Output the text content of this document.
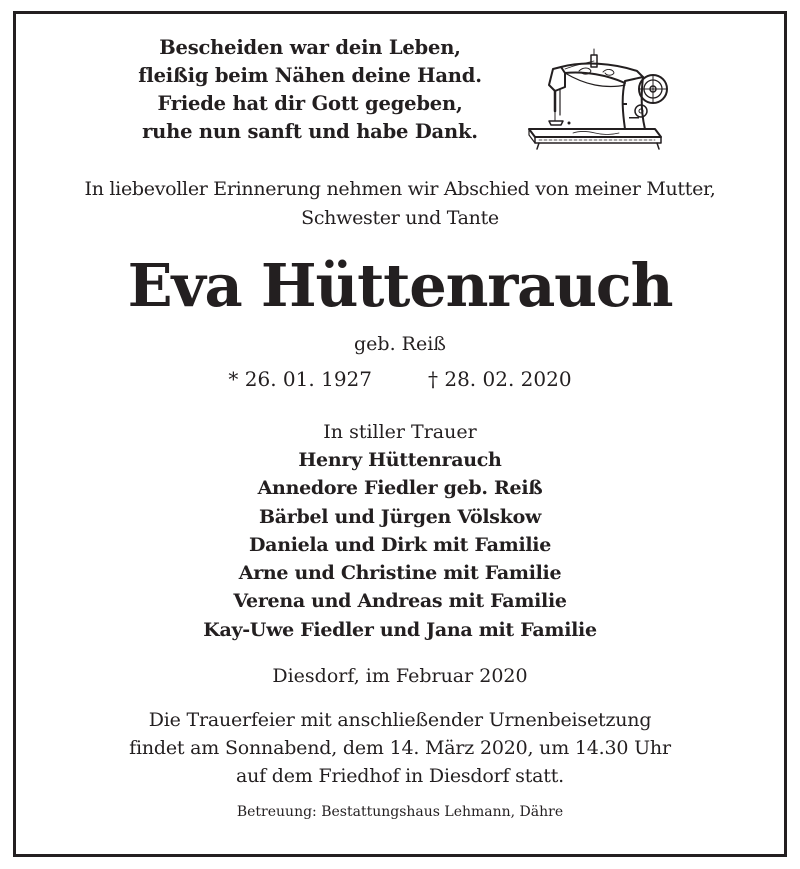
Bescheiden war dein Leben,
fleißig beim Nähen deine Hand.
Friede hat dir Gott gegeben,
ruhe nun sanft und habe Dank.
In liebevoller Erinnerung nehmen wir Abschied von meiner Mutter,
Schwester und Tante
Eva Hüttenrauch
geb. Reiß
* 26. 01. 1927	† 28. 02. 2020
In stiller Trauer
Henry Hüttenrauch
Annedore Fiedler geb. Reiß
Bärbel und Jürgen Völskow
Daniela und Dirk mit Familie
Arne und Christine mit Familie
Verena und Andreas mit Familie
Kay-Uwe Fiedler und Jana mit Familie
Diesdorf, im Februar 2020
Die Trauerfeier mit anschließender Urnenbeisetzung
findet am Sonnabend, dem 14. März 2020, um 14.30 Uhr
auf dem Friedhof in Diesdorf statt.
Betreuung: Bestattungshaus Lehmann, Dähre
